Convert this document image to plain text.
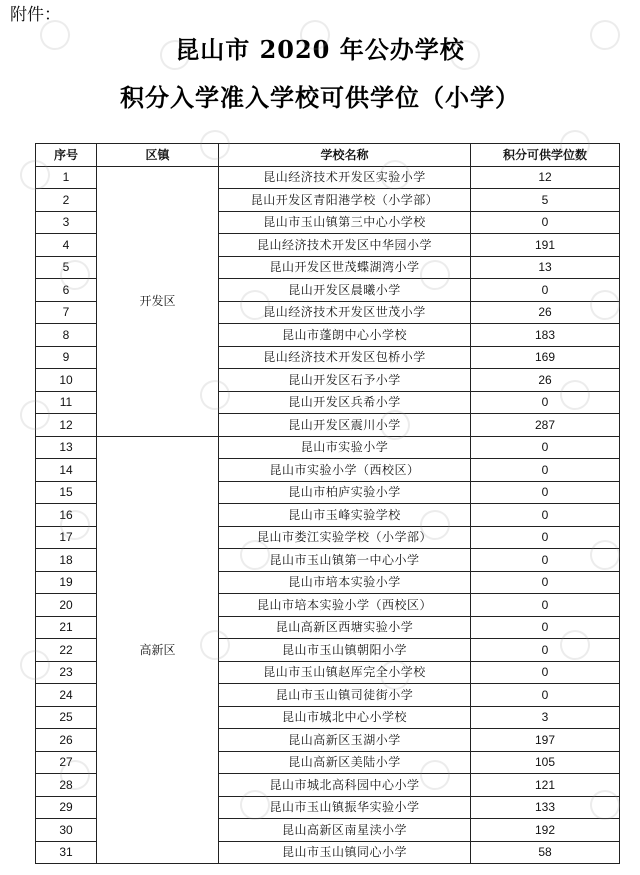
附件：
昆山市 2020 年公办学校
积分入学准入学校可供学位（小学）
序号	区镇	学校名称	积分可供学位数
1	开发区	昆山经济技术开发区实验小学	12
2		昆山开发区青阳港学校（小学部）	5
3		昆山市玉山镇第三中心小学校	0
4		昆山经济技术开发区中华园小学	191
5		昆山开发区世茂蝶湖湾小学	13
6		昆山开发区晨曦小学	0
7		昆山经济技术开发区世茂小学	26
8		昆山市蓬朗中心小学校	183
9		昆山经济技术开发区包桥小学	169
10		昆山开发区石予小学	26
11		昆山开发区兵希小学	0
12		昆山开发区震川小学	287
13	高新区	昆山市实验小学	0
14		昆山市实验小学（西校区）	0
15		昆山市柏庐实验小学	0
16		昆山市玉峰实验学校	0
17		昆山市娄江实验学校（小学部）	0
18		昆山市玉山镇第一中心小学	0
19		昆山市培本实验小学	0
20		昆山市培本实验小学（西校区）	0
21		昆山高新区西塘实验小学	0
22		昆山市玉山镇朝阳小学	0
23		昆山市玉山镇赵厍完全小学校	0
24		昆山市玉山镇司徒街小学	0
25		昆山市城北中心小学校	3
26		昆山高新区玉湖小学	197
27		昆山高新区美陆小学	105
28		昆山市城北高科园中心小学	121
29		昆山市玉山镇振华实验小学	133
30		昆山高新区南星渎小学	192
31		昆山市玉山镇同心小学	58
